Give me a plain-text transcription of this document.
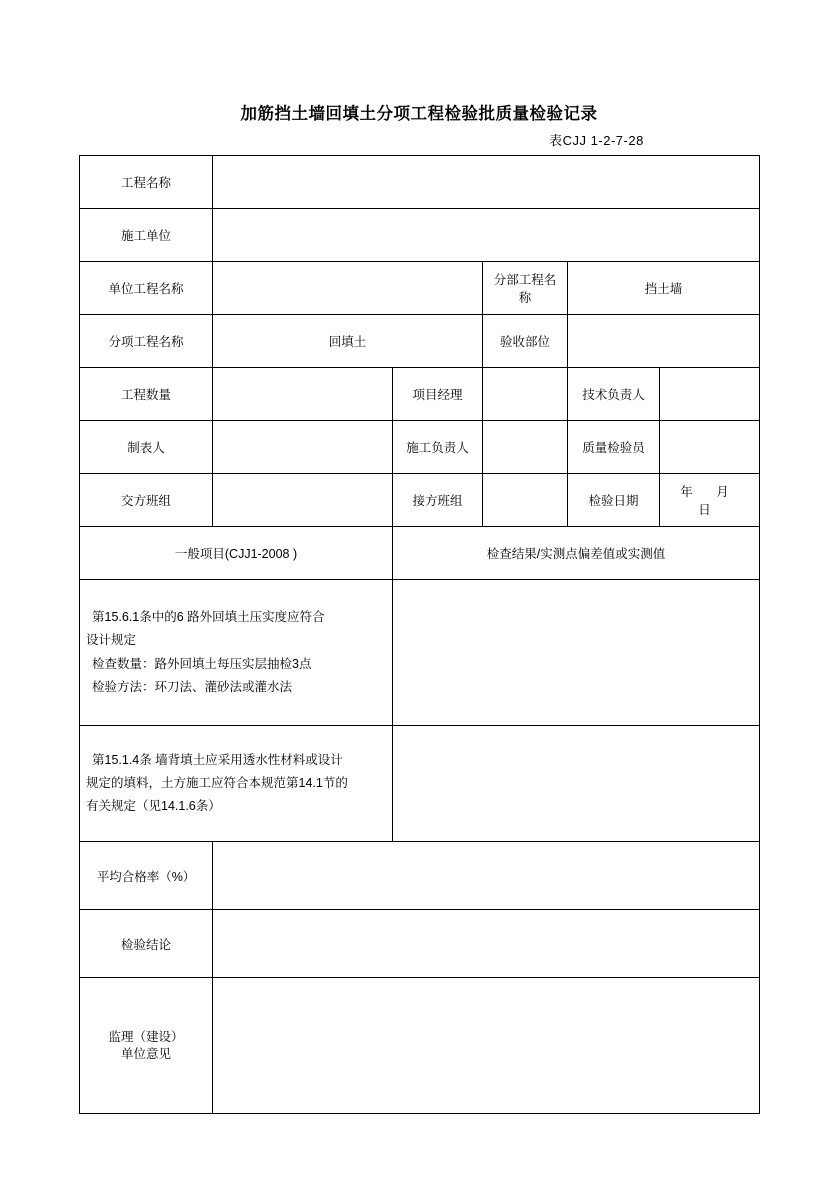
加筋挡土墙回填土分项工程检验批质量检验记录
表CJJ 1-2-7-28
工程名称					
施工单位					
单位工程名称			分部工程名称	挡土墙	
分项工程名称	回填土		验收部位		
工程数量		项目经理		技术负责人	
制表人		施工负责人		质量检验员	
交方班组		接方班组		检验日期	年 月 日
一般项目(CJJ1-2008 )		检查结果/实测点偏差值或实测值			

第15.6.1条中的6 路外回填土压实度应符合
设计规定
检查数量：路外回填土每压实层抽检3点
检验方法：环刀法、灌砂法或灌水法					

第15.1.4条 墙背填土应采用透水性材料或设计
规定的填料，土方施工应符合本规范第14.1节的
有关规定（见14.1.6条）					

平均合格率（%）					
检验结论					

监理（建设）
单位意见					
